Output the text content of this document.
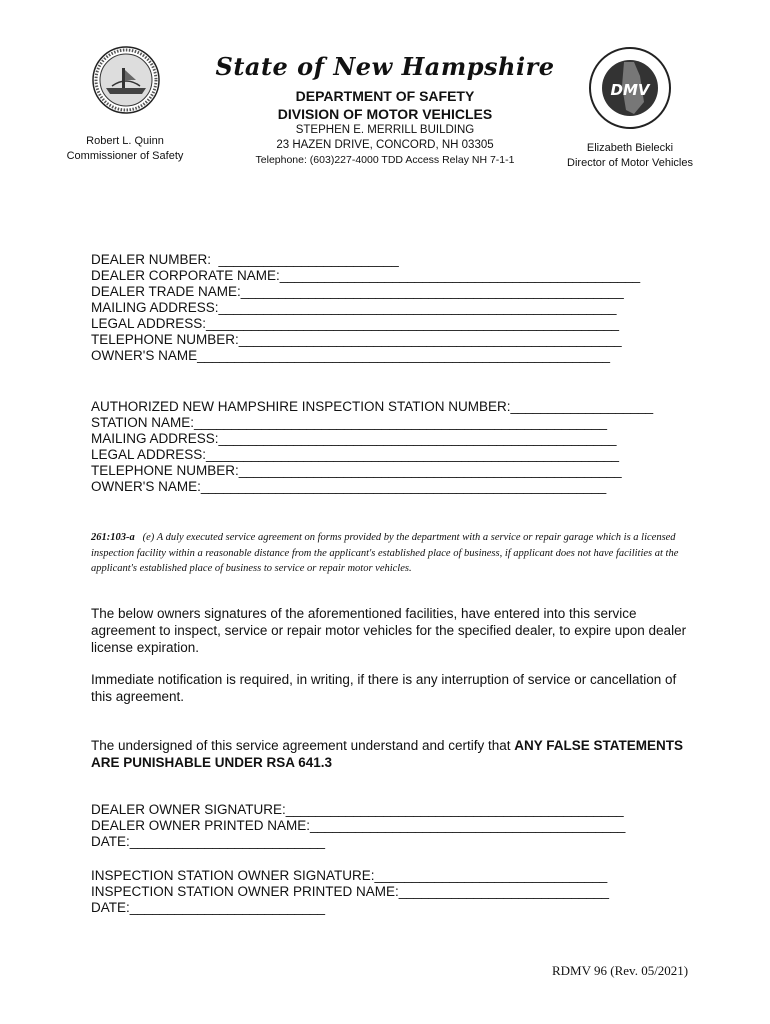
State of New Hampshire
DEPARTMENT OF SAFETY
DIVISION OF MOTOR VEHICLES
STEPHEN E. MERRILL BUILDING
23 HAZEN DRIVE, CONCORD, NH 03305
Telephone: (603)227-4000 TDD Access Relay NH 7-1-1
Robert L. Quinn
Commissioner of Safety
DMV
Elizabeth Bielecki
Director of Motor Vehicles
DEALER NUMBER:  ________________________
DEALER CORPORATE NAME:________________________________________________
DEALER TRADE NAME:___________________________________________________
MAILING ADDRESS:_____________________________________________________
LEGAL ADDRESS:_______________________________________________________
TELEPHONE NUMBER:___________________________________________________
OWNER'S NAME_______________________________________________________
AUTHORIZED NEW HAMPSHIRE INSPECTION STATION NUMBER:___________________
STATION NAME:_______________________________________________________
MAILING ADDRESS:_____________________________________________________
LEGAL ADDRESS:_______________________________________________________
TELEPHONE NUMBER:___________________________________________________
OWNER'S NAME:______________________________________________________
261:103-a (e) A duly executed service agreement on forms provided by the department with a service or repair garage which is a licensed inspection facility within a reasonable distance from the applicant's established place of business, if applicant does not have facilities at the applicant's established place of business to service or repair motor vehicles.
The below owners signatures of the aforementioned facilities, have entered into this service agreement to inspect, service or repair motor vehicles for the specified dealer, to expire upon dealer license expiration.
Immediate notification is required, in writing, if there is any interruption of service or cancellation of this agreement.
The undersigned of this service agreement understand and certify that ANY FALSE STATEMENTS ARE PUNISHABLE UNDER RSA 641.3
DEALER OWNER SIGNATURE:_____________________________________________
DEALER OWNER PRINTED NAME:__________________________________________
DATE:__________________________
INSPECTION STATION OWNER SIGNATURE:_______________________________
INSPECTION STATION OWNER PRINTED NAME:____________________________
DATE:__________________________
RDMV 96 (Rev. 05/2021)
